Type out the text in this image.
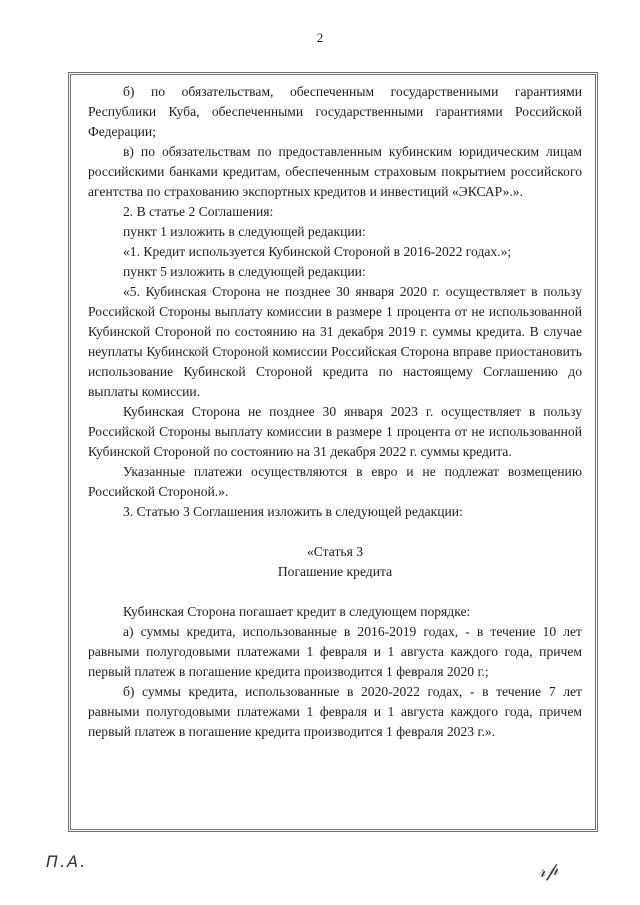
2

б) по обязательствам, обеспеченным государственными гарантиями Республики Куба, обеспеченными государственными гарантиями Российской Федерации;

в) по обязательствам по предоставленным кубинским юридическим лицам российскими банками кредитам, обеспеченным страховым покрытием российского агентства по страхованию экспортных кредитов и инвестиций «ЭКСАР».».

2. В статье 2 Соглашения:

пункт 1 изложить в следующей редакции:

«1. Кредит используется Кубинской Стороной в 2016-2022 годах.»;

пункт 5 изложить в следующей редакции:

«5. Кубинская Сторона не позднее 30 января 2020 г. осуществляет в пользу Российской Стороны выплату комиссии в размере 1 процента от не использованной Кубинской Стороной по состоянию на 31 декабря 2019 г. суммы кредита. В случае неуплаты Кубинской Стороной комиссии Российская Сторона вправе приостановить использование Кубинской Стороной кредита по настоящему Соглашению до выплаты комиссии.

Кубинская Сторона не позднее 30 января 2023 г. осуществляет в пользу Российской Стороны выплату комиссии в размере 1 процента от не использованной Кубинской Стороной по состоянию на 31 декабря 2022 г. суммы кредита.

Указанные платежи осуществляются в евро и не подлежат возмещению Российской Стороной.».

3. Статью 3 Соглашения изложить в следующей редакции:

«Статья 3

Погашение кредита

Кубинская Сторона погашает кредит в следующем порядке:

а) суммы кредита, использованные в 2016-2019 годах, - в течение 10 лет равными полугодовыми платежами 1 февраля и 1 августа каждого года, причем первый платеж в погашение кредита производится 1 февраля 2020 г.;

б) суммы кредита, использованные в 2020-2022 годах, - в течение 7 лет равными полугодовыми платежами 1 февраля и 1 августа каждого года, причем первый платеж в погашение кредита производится 1 февраля 2023 г.».

П.А.	𝓇𝓅
